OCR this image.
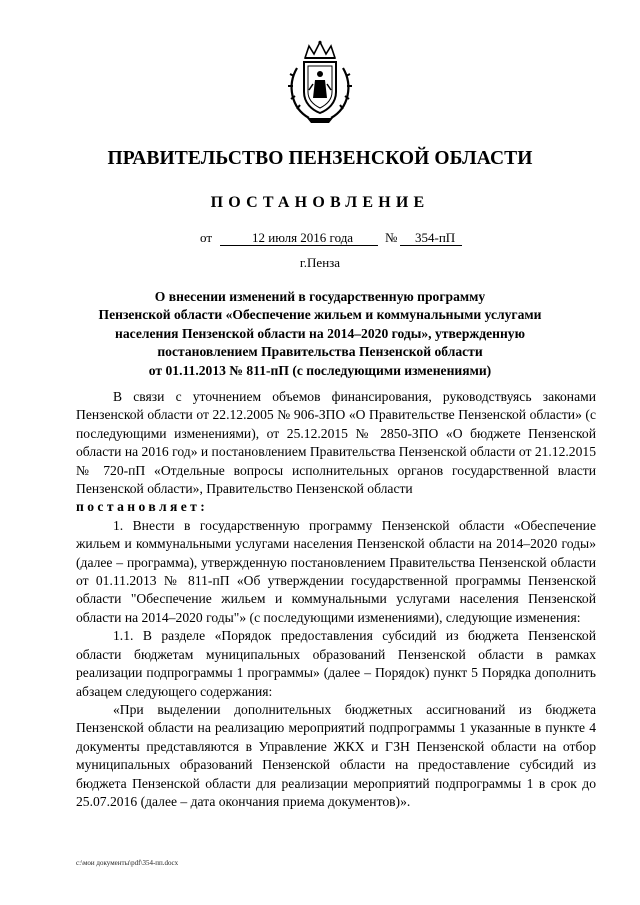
ПРАВИТЕЛЬСТВО ПЕНЗЕНСКОЙ ОБЛАСТИ
ПОСТАНОВЛЕНИЕ
от	12 июля 2016 года № 354-пП
г.Пенза
О внесении изменений в государственную программу
Пензенской области «Обеспечение жильем и коммунальными услугами
населения Пензенской области на 2014–2020 годы», утвержденную
постановлением Правительства Пензенской области
от 01.11.2013 № 811-пП (с последующими изменениями)
В связи с уточнением объемов финансирования, руководствуясь законами Пензенской области от 22.12.2005 № 906-ЗПО «О Правительстве Пензенской области» (с последующими изменениями), от 25.12.2015 № 2850-ЗПО «О бюджете Пензенской области на 2016 год» и постановлением Правительства Пензенской области от 21.12.2015 № 720-пП «Отдельные вопросы исполнительных органов государственной власти Пензенской области», Правительство Пензенской области
постановляет:
1. Внести в государственную программу Пензенской области «Обеспечение жильем и коммунальными услугами населения Пензенской области на 2014–2020 годы» (далее – программа), утвержденную постановлением Правительства Пензенской области от 01.11.2013 № 811-пП «Об утверждении государственной программы Пензенской области "Обеспечение жильем и коммунальными услугами населения Пензенской области на 2014–2020 годы"» (с последующими изменениями), следующие изменения:
1.1. В разделе «Порядок предоставления субсидий из бюджета Пензенской области бюджетам муниципальных образований Пензенской области в рамках реализации подпрограммы 1 программы» (далее – Порядок) пункт 5 Порядка дополнить абзацем следующего содержания:
«При выделении дополнительных бюджетных ассигнований из бюджета Пензенской области на реализацию мероприятий подпрограммы 1 указанные в пункте 4 документы представляются в Управление ЖКХ и ГЗН Пензенской области на отбор муниципальных образований Пензенской области на предоставление субсидий из бюджета Пензенской области для реализации мероприятий подпрограммы 1 в срок до 25.07.2016 (далее – дата окончания приема документов)».
c:\мои документы\pdf\354-пп.docx
